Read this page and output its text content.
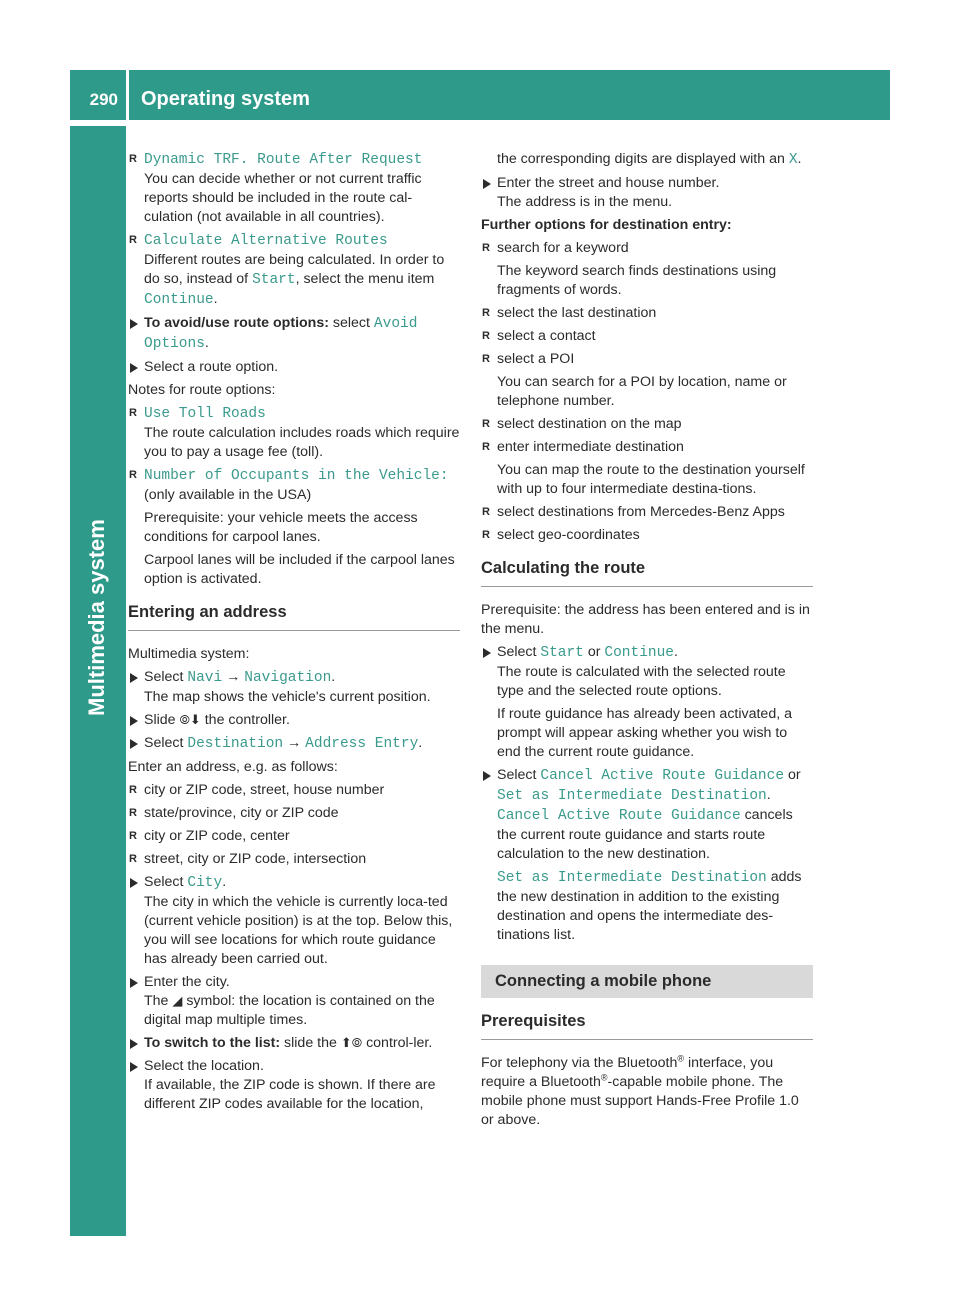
290 Operating system
Multimedia system
R Dynamic TRF. Route After Request
You can decide whether or not current traffic reports should be included in the route cal-culation (not available in all countries).
R Calculate Alternative Routes
Different routes are being calculated. In order to do so, instead of Start, select the menu item Continue.
To avoid/use route options: select Avoid Options.
Select a route option.
Notes for route options:
R Use Toll Roads
The route calculation includes roads which require you to pay a usage fee (toll).
R Number of Occupants in the Vehicle:
(only available in the USA)
Prerequisite: your vehicle meets the access conditions for carpool lanes.
Carpool lanes will be included if the carpool lanes option is activated.
Entering an address
Multimedia system:
Select Navi → Navigation.
The map shows the vehicle's current position.
Slide ⦾⬇ the controller.
Select Destination → Address Entry.
Enter an address, e.g. as follows:
R city or ZIP code, street, house number
R state/province, city or ZIP code
R city or ZIP code, center
R street, city or ZIP code, intersection
Select City.
The city in which the vehicle is currently loca-ted (current vehicle position) is at the top. Below this, you will see locations for which route guidance has already been carried out.
Enter the city.
The ◢ symbol: the location is contained on the digital map multiple times.
To switch to the list: slide the ⬆⦾ control-ler.
Select the location.
If available, the ZIP code is shown. If there are different ZIP codes available for the location,
the corresponding digits are displayed with an X.
Enter the street and house number.
The address is in the menu.
Further options for destination entry:
R search for a keyword
The keyword search finds destinations using fragments of words.
R select the last destination
R select a contact
R select a POI
You can search for a POI by location, name or telephone number.
R select destination on the map
R enter intermediate destination
You can map the route to the destination yourself with up to four intermediate destina-tions.
R select destinations from Mercedes-Benz Apps
R select geo-coordinates
Calculating the route
Prerequisite: the address has been entered and is in the menu.
Select Start or Continue.
The route is calculated with the selected route type and the selected route options.
If route guidance has already been activated, a prompt will appear asking whether you wish to end the current route guidance.
Select Cancel Active Route Guidance or Set as Intermediate Destination.
Cancel Active Route Guidance cancels the current route guidance and starts route calculation to the new destination.
Set as Intermediate Destination adds the new destination in addition to the existing destination and opens the intermediate des-tinations list.
Connecting a mobile phone
Prerequisites
For telephony via the Bluetooth® interface, you require a Bluetooth®-capable mobile phone. The mobile phone must support Hands-Free Profile 1.0 or above.
